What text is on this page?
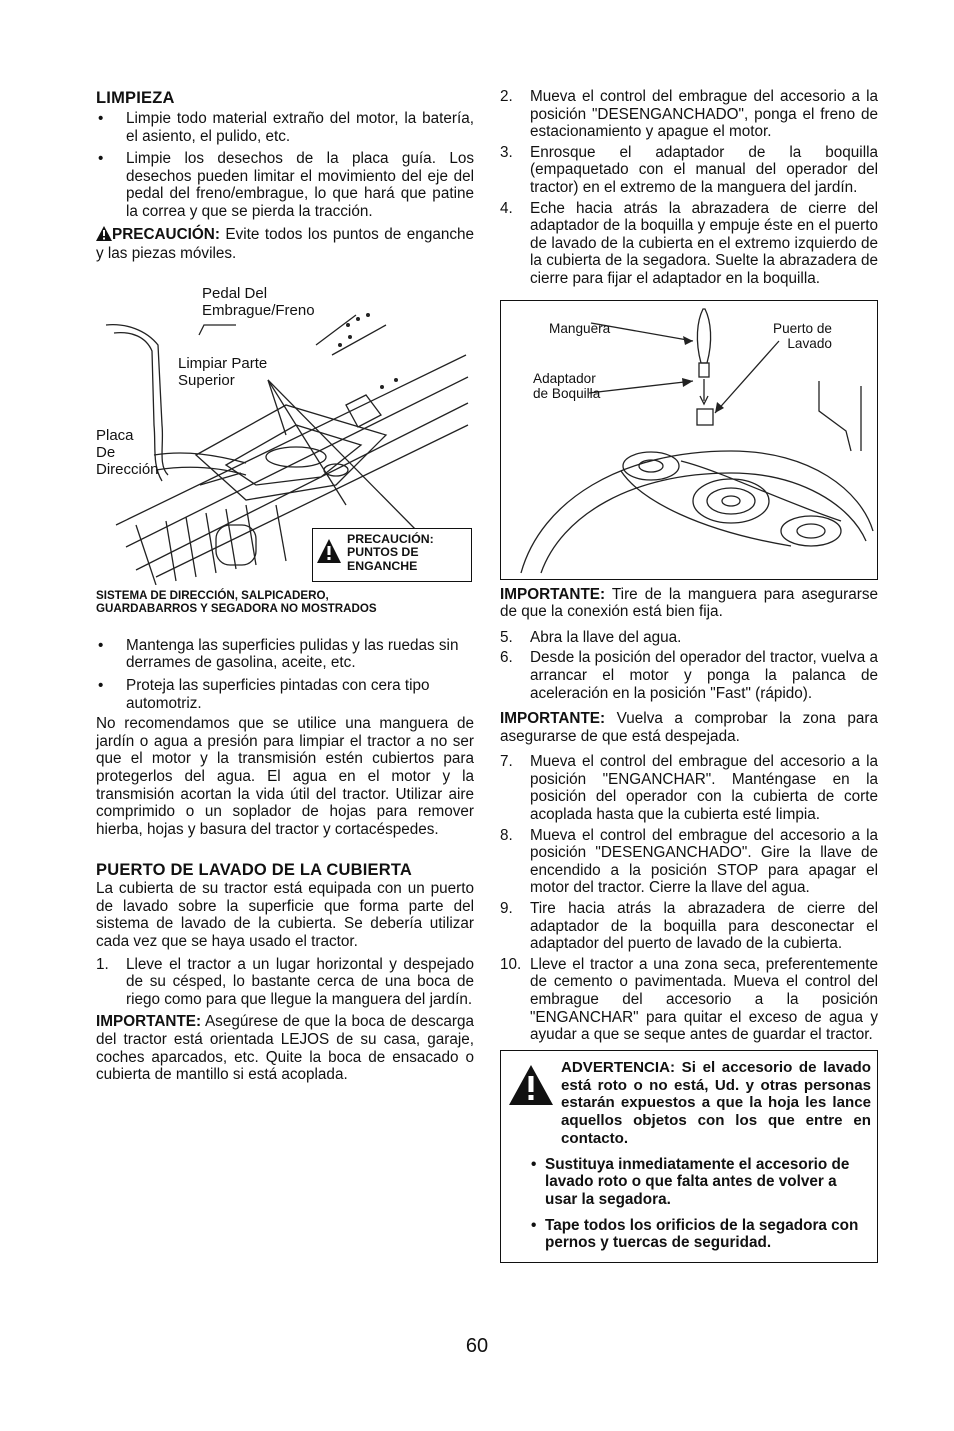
LIMPIEZA

• Limpie todo material extraño del motor, la batería, el asiento, el pulido, etc.
• Limpie los desechos de la placa guía. Los desechos pueden limitar el movimiento del eje del pedal del freno/embrague, lo que hará que patine la correa y que se pierda la tracción.

PRECAUCIÓN: Evite todos los puntos de enganche y las piezas móviles.

Pedal Del
Embrague/Freno
Limpiar Parte
Superior
Placa
De
Dirección
PRECAUCIÓN:
PUNTOS DE
ENGANCHE

SISTEMA DE DIRECCIÓN, SALPICADERO,

GUARDABARROS Y SEGADORA NO MOSTRADOS

• Mantenga las superficies pulidas y las ruedas sin derrames de gasolina, aceite, etc.
• Proteja las superficies pintadas con cera tipo automotriz.

No recomendamos que se utilice una manguera de jardín o agua a presión para limpiar el tractor a no ser que el motor y la transmisión estén cubiertos para protegerlos del agua. El agua en el motor y la transmisión acortan la vida útil del tractor. Utilizar aire comprimido o un soplador de hojas para remover hierba, hojas y basura del tractor y cortacéspedes.

PUERTO DE LAVADO DE LA CUBIERTA

La cubierta de su tractor está equipada con un puerto de lavado sobre la superficie que forma parte del sistema de lavado de la cubierta. Se debería utilizar cada vez que se haya usado el tractor.

1. Lleve el tractor a un lugar horizontal y despejado de su césped, lo bastante cerca de una boca de riego como para que llegue la manguera del jardín.

IMPORTANTE: Asegúrese de que la boca de descarga del tractor está orientada LEJOS de su casa, garaje, coches aparcados, etc. Quite la boca de ensacado o cubierta de mantillo si está acoplada.

2. Mueva el control del embrague del accesorio a la posición "DESENGANCHADO", ponga el freno de estacionamiento y apague el motor.
3. Enrosque el adaptador de la boquilla (empaquetado con el manual del operador del tractor) en el extremo de la manguera del jardín.
4. Eche hacia atrás la abrazadera de cierre del adaptador de la boquilla y empuje éste en el puerto de lavado de la cubierta en el extremo izquierdo de la cubierta de la segadora. Suelte la abrazadera de cierre para fijar el adaptador en la boquilla.
Manguera	Puerto de
Lavado
Adaptador
de Boquilla

IMPORTANTE: Tire de la manguera para asegurarse de que la conexión está bien fija.

5. Abra la llave del agua.
6. Desde la posición del operador del tractor, vuelva a arrancar el motor y ponga la palanca de aceleración en la posición "Fast" (rápido).

IMPORTANTE: Vuelva a comprobar la zona para asegurarse de que está despejada.

7. Mueva el control del embrague del accesorio a la posición "ENGANCHAR". Manténgase en la posición del operador con la cubierta de corte acoplada hasta que la cubierta esté limpia.
8. Mueva el control del embrague del accesorio a la posición "DESENGANCHADO". Gire la llave de encendido a la posición STOP para apagar el motor del tractor. Cierre la llave del agua.
9. Tire hacia atrás la abrazadera de cierre del adaptador de la boquilla para desconectar el adaptador del puerto de lavado de la cubierta.
10. Lleve el tractor a una zona seca, preferentemente de cemento o pavimentada. Mueva el control del embrague del accesorio a la posición "ENGANCHAR" para quitar el exceso de agua y ayudar a que se seque antes de guardar el tractor.

ADVERTENCIA: Si el accesorio de lavado está roto o no está, Ud. y otras personas estarán expuestos a que la hoja les lance aquellos objetos con los que entre en contacto.

• Sustituya inmediatamente el accesorio de lavado roto o que falta antes de volver a usar la segadora.
• Tape todos los orificios de la segadora con pernos y tuercas de seguridad.
60
